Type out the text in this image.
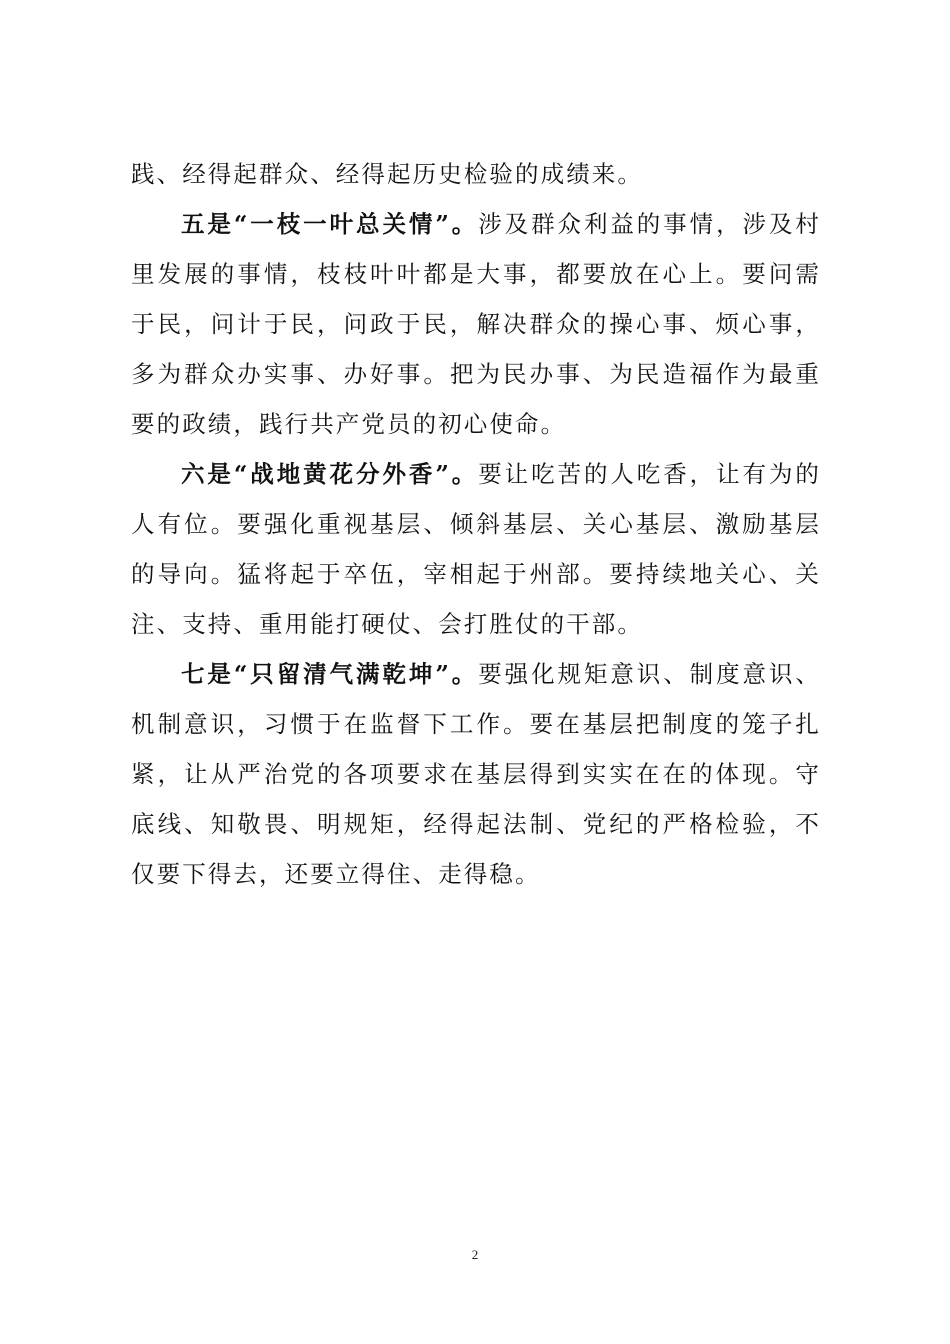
践、经得起群众、经得起历史检验的成绩来。

五是“一枝一叶总关情”。涉及群众利益的事情，涉及村里发展的事情，枝枝叶叶都是大事，都要放在心上。要问需于民，问计于民，问政于民，解决群众的操心事、烦心事，多为群众办实事、办好事。把为民办事、为民造福作为最重要的政绩，践行共产党员的初心使命。

六是“战地黄花分外香”。要让吃苦的人吃香，让有为的人有位。要强化重视基层、倾斜基层、关心基层、激励基层的导向。猛将起于卒伍，宰相起于州部。要持续地关心、关注、支持、重用能打硬仗、会打胜仗的干部。

七是“只留清气满乾坤”。要强化规矩意识、制度意识、机制意识，习惯于在监督下工作。要在基层把制度的笼子扎紧，让从严治党的各项要求在基层得到实实在在的体现。守底线、知敬畏、明规矩，经得起法制、党纪的严格检验，不仅要下得去，还要立得住、走得稳。

2
